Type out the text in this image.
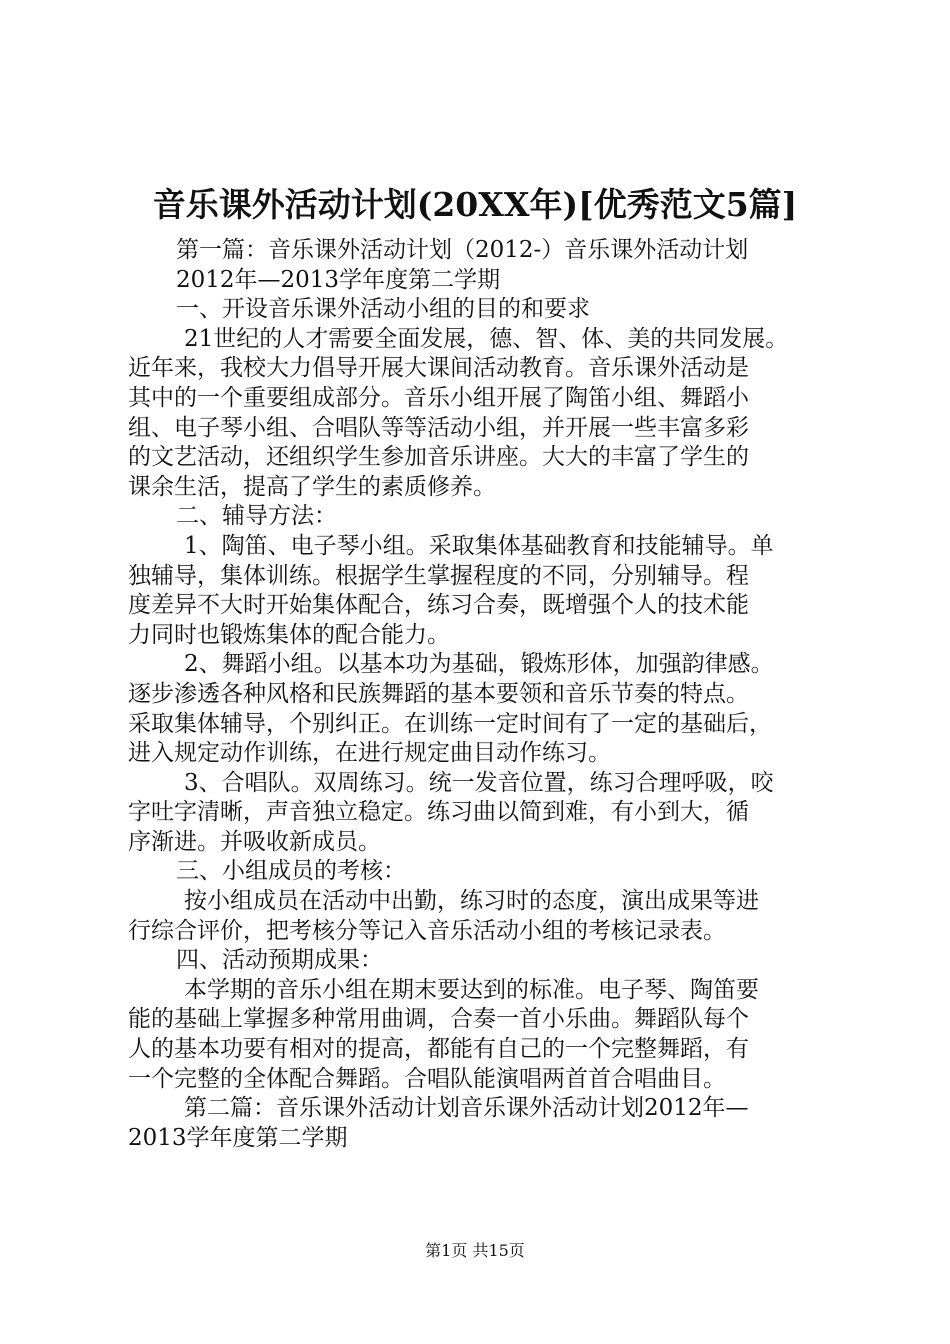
音乐课外活动计划(20XX年)[优秀范文5篇]
第一篇：音乐课外活动计划（2012-）音乐课外活动计划
2012年—2013学年度第二学期
一、开设音乐课外活动小组的目的和要求
21世纪的人才需要全面发展，德、智、体、美的共同发展。
近年来，我校大力倡导开展大课间活动教育。音乐课外活动是
其中的一个重要组成部分。音乐小组开展了陶笛小组、舞蹈小
组、电子琴小组、合唱队等等活动小组，并开展一些丰富多彩
的文艺活动，还组织学生参加音乐讲座。大大的丰富了学生的
课余生活，提高了学生的素质修养。
二、辅导方法：
1、陶笛、电子琴小组。采取集体基础教育和技能辅导。单
独辅导，集体训练。根据学生掌握程度的不同，分别辅导。程
度差异不大时开始集体配合，练习合奏，既增强个人的技术能
力同时也锻炼集体的配合能力。
2、舞蹈小组。以基本功为基础，锻炼形体，加强韵律感。
逐步渗透各种风格和民族舞蹈的基本要领和音乐节奏的特点。
采取集体辅导，个别纠正。在训练一定时间有了一定的基础后，
进入规定动作训练，在进行规定曲目动作练习。
3、合唱队。双周练习。统一发音位置，练习合理呼吸，咬
字吐字清晰，声音独立稳定。练习曲以简到难，有小到大，循
序渐进。并吸收新成员。
三、小组成员的考核：
按小组成员在活动中出勤，练习时的态度，演出成果等进
行综合评价，把考核分等记入音乐活动小组的考核记录表。
四、活动预期成果：
本学期的音乐小组在期末要达到的标准。电子琴、陶笛要
能的基础上掌握多种常用曲调，合奏一首小乐曲。舞蹈队每个
人的基本功要有相对的提高，都能有自己的一个完整舞蹈，有
一个完整的全体配合舞蹈。合唱队能演唱两首首合唱曲目。
第二篇：音乐课外活动计划音乐课外活动计划2012年—
2013学年度第二学期
第1页 共15页
